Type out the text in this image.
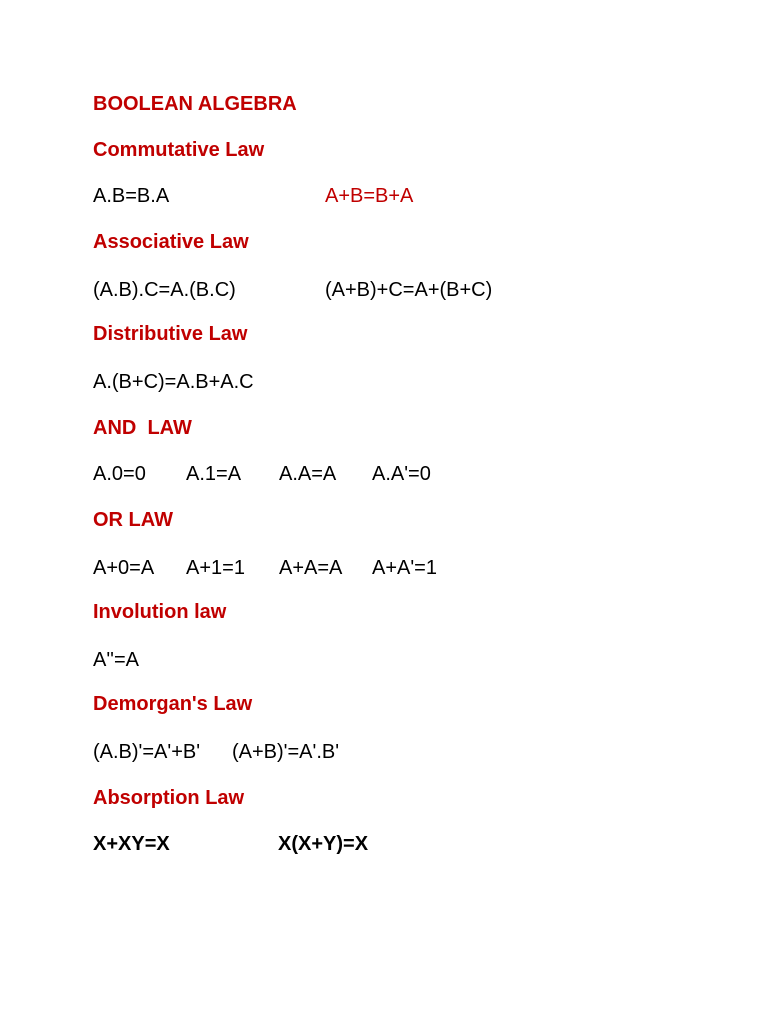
BOOLEAN ALGEBRA
Commutative Law
A.B=B.A	A+B=B+A
Associative Law
(A.B).C=A.(B.C)	(A+B)+C=A+(B+C)
Distributive Law
A.(B+C)=A.B+A.C
AND  LAW
A.0=0 A.1=A A.A=A A.A'=0
OR LAW
A+0=A A+1=1 A+A=A A+A'=1
Involution law
A''=A
Demorgan's Law
(A.B)'=A'+B' (A+B)'=A'.B'
Absorption Law
X+XY=X	X(X+Y)=X
